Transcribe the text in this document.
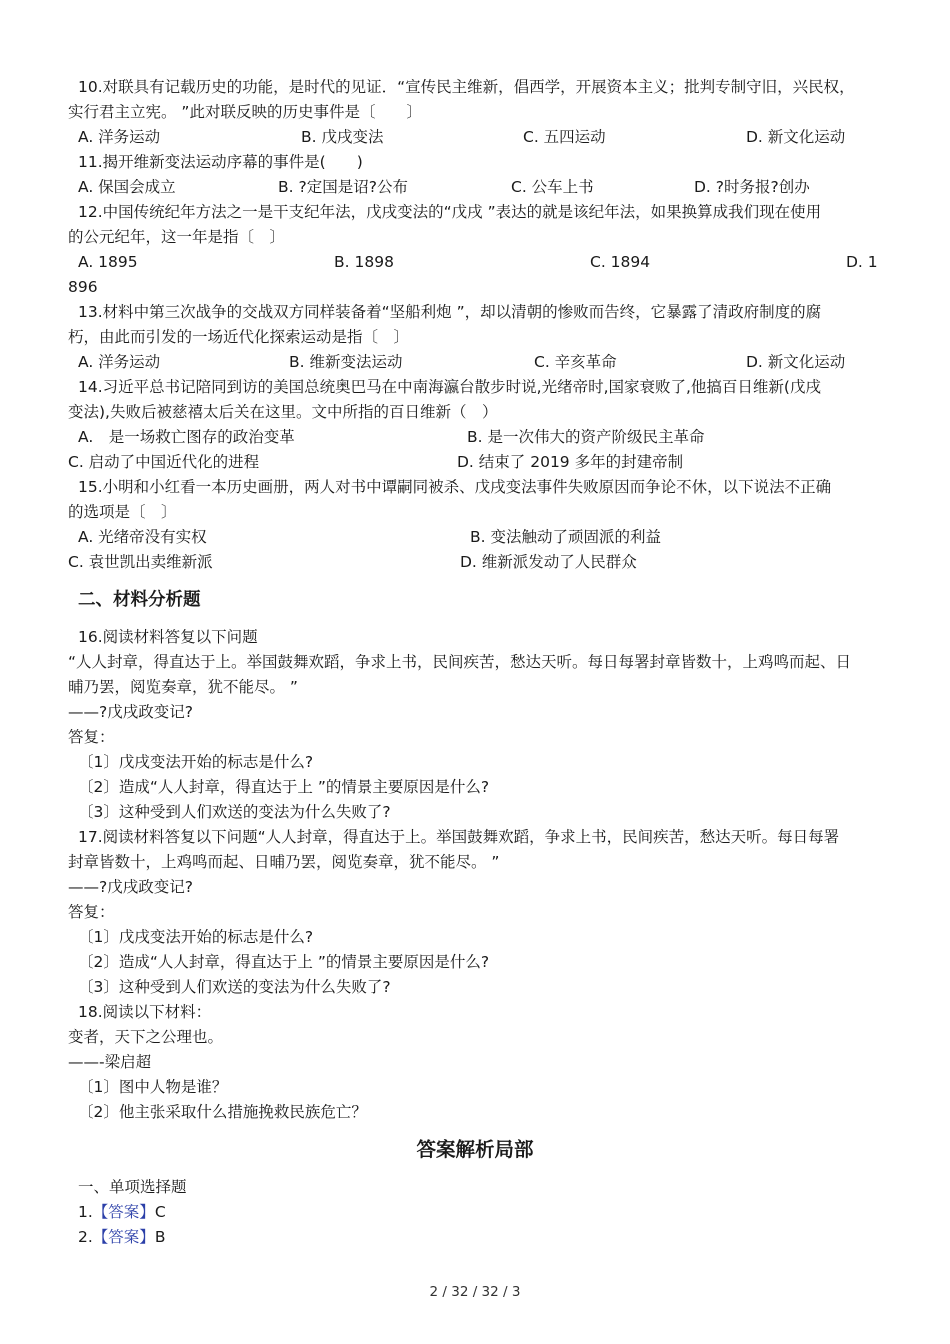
10.对联具有记载历史的功能，是时代的见证．“宣传民主维新，倡西学，开展资本主义；批判专制守旧，兴民权，
实行君主立宪。 ”此对联反映的历史事件是〔　　〕
A. 洋务运动	B. 戊戌变法	C. 五四运动	D. 新文化运动
11.揭开维新变法运动序幕的事件是(　　)
A. 保国会成立	B. ?定国是诏?公布	C. 公车上书	D. ?时务报?创办
12.中国传统纪年方法之一是干支纪年法，戊戌变法的“戊戌 ”表达的就是该纪年法，如果换算成我们现在使用
的公元纪年，这一年是指〔　〕
A. 1895	B. 1898	C. 1894	D. 1
896
13.材料中第三次战争的交战双方同样装备着“坚船利炮 ”，却以清朝的惨败而告终，它暴露了清政府制度的腐
朽，由此而引发的一场近代化探索运动是指〔　〕
A. 洋务运动	B. 维新变法运动	C. 辛亥革命	D. 新文化运动
14.习近平总书记陪同到访的美国总统奥巴马在中南海瀛台散步时说,光绪帝时,国家衰败了,他搞百日维新(戊戌
变法),失败后被慈禧太后关在这里。文中所指的百日维新（　）
A.　是一场救亡图存的政治变革	B. 是一次伟大的资产阶级民主革命
C. 启动了中国近代化的进程	D. 结束了 2019 多年的封建帝制
15.小明和小红看一本历史画册，两人对书中谭嗣同被杀、戊戌变法事件失败原因而争论不休，以下说法不正确
的选项是〔　〕
A. 光绪帝没有实权	B. 变法触动了顽固派的利益
C. 袁世凯出卖维新派	D. 维新派发动了人民群众
二、材料分析题
16.阅读材料答复以下问题
“人人封章，得直达于上。举国鼓舞欢蹈，争求上书，民间疾苦，愁达天听。每日每署封章皆数十，上鸡鸣而起、日
晡乃罢，阅览奏章，犹不能尽。 ”
——?戊戌政变记?
答复：
〔1〕戊戌变法开始的标志是什么?
〔2〕造成“人人封章，得直达于上 ”的情景主要原因是什么?
〔3〕这种受到人们欢送的变法为什么失败了?
17.阅读材料答复以下问题“人人封章，得直达于上。举国鼓舞欢蹈，争求上书，民间疾苦，愁达天听。每日每署
封章皆数十，上鸡鸣而起、日晡乃罢，阅览奏章，犹不能尽。 ”
——?戊戌政变记?
答复：
〔1〕戊戌变法开始的标志是什么?
〔2〕造成“人人封章，得直达于上 ”的情景主要原因是什么?
〔3〕这种受到人们欢送的变法为什么失败了?
18.阅读以下材料：
变者，天下之公理也。
——-梁启超
〔1〕图中人物是谁？
〔2〕他主张采取什么措施挽救民族危亡？
答案解析局部
一、单项选择题
1.【答案】C
2.【答案】B
2 / 32 / 32 / 3
